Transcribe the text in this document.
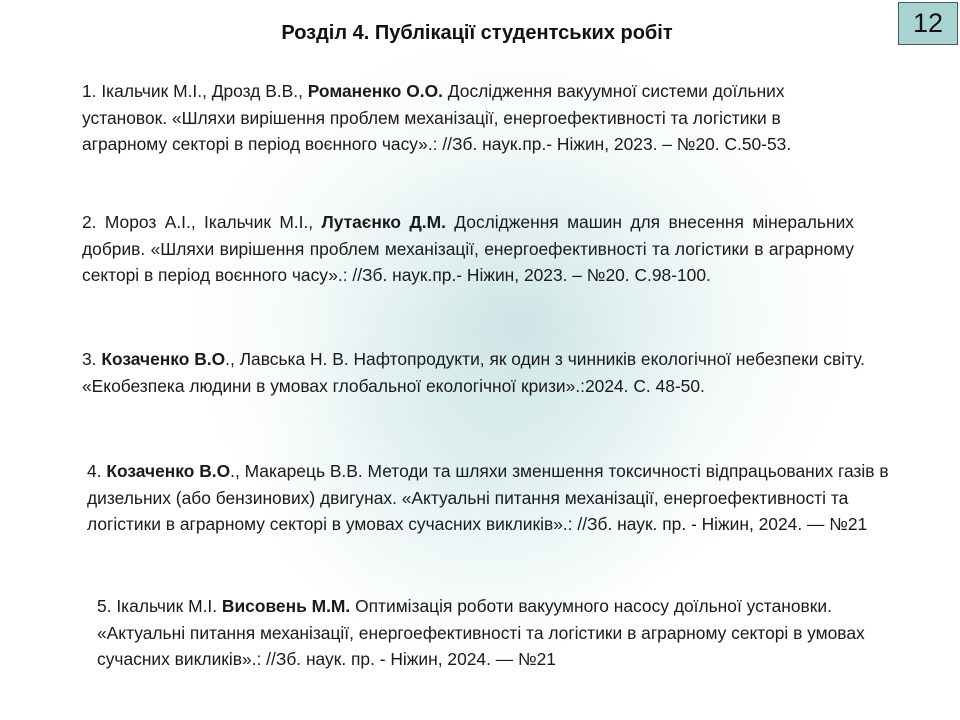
Розділ 4. Публікації студентських робіт	12

1. Ікальчик М.І., Дрозд В.В., Романенко О.О. Дослідження вакуумної системи доїльних установок. «Шляхи вирішення проблем механізації, енергоефективності та логістики в аграрному секторі в період воєнного часу».: //Зб. наук.пр.- Ніжин, 2023. – №20. С.50-53.

2. Мороз А.І., Ікальчик М.І., Лутаєнко Д.М. Дослідження машин для внесення мінеральних добрив. «Шляхи вирішення проблем механізації, енергоефективності та логістики в аграрному секторі в період воєнного часу».: //Зб. наук.пр.- Ніжин, 2023. – №20. С.98-100.

3. Козаченко В.О., Лавська Н. В. Нафтопродукти, як один з чинників екологічної небезпеки світу. «Екобезпека людини в умовах глобальної екологічної кризи».:2024. С. 48-50.

4. Козаченко В.О., Макарець В.В. Методи та шляхи зменшення токсичності відпрацьованих газів в дизельних (або бензинових) двигунах. «Актуальні питання механізації, енергоефективності та логістики в аграрному секторі в умовах сучасних викликів».: //Зб. наук. пр. - Ніжин, 2024. — №21

5. Ікальчик М.І. Висовень М.М. Оптимізація роботи вакуумного насосу доїльної установки. «Актуальні питання механізації, енергоефективності та логістики в аграрному секторі в умовах сучасних викликів».: //Зб. наук. пр. - Ніжин, 2024. — №21
